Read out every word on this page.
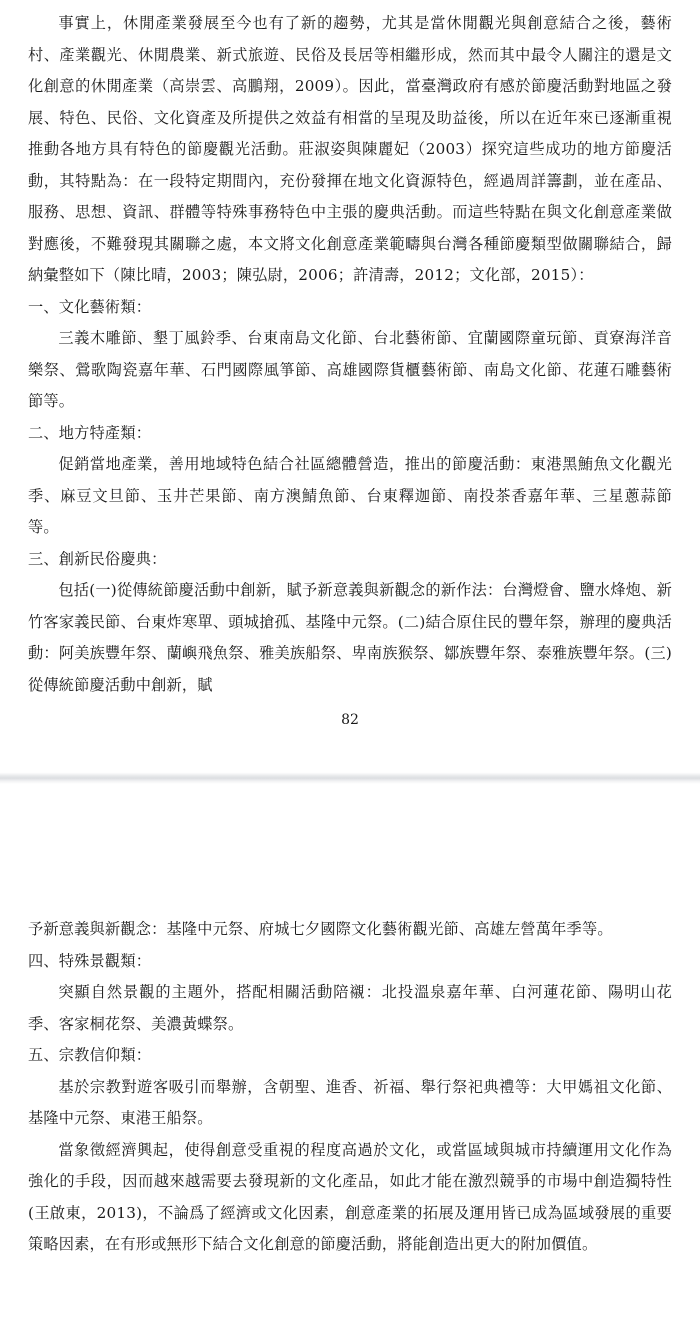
事實上，休閒產業發展至今也有了新的趨勢，尤其是當休閒觀光與創意結合之後，藝術村、產業觀光、休閒農業、新式旅遊、民俗及長居等相繼形成，然而其中最令人關注的還是文化創意的休閒產業（高崇雲、高鵬翔，2009）。因此，當臺灣政府有感於節慶活動對地區之發展、特色、民俗、文化資產及所提供之效益有相當的呈現及助益後，所以在近年來已逐漸重視推動各地方具有特色的節慶觀光活動。莊淑姿與陳麗妃（2003）探究這些成功的地方節慶活動，其特點為：在一段特定期間內，充份發揮在地文化資源特色，經過周詳籌劃，並在產品、服務、思想、資訊、群體等特殊事務特色中主張的慶典活動。而這些特點在與文化創意產業做對應後，不難發現其關聯之處，本文將文化創意產業範疇與台灣各種節慶類型做關聯結合，歸納彙整如下（陳比晴，2003；陳弘尉，2006；許清壽，2012；文化部，2015）：

一、文化藝術類：

三義木雕節、墾丁風鈴季、台東南島文化節、台北藝術節、宜蘭國際童玩節、貢寮海洋音樂祭、鶯歌陶瓷嘉年華、石門國際風箏節、高雄國際貨櫃藝術節、南島文化節、花蓮石雕藝術節等。

二、地方特產類：

促銷當地產業，善用地域特色結合社區總體營造，推出的節慶活動：東港黑鮪魚文化觀光季、麻豆文旦節、玉井芒果節、南方澳鯖魚節、台東釋迦節、南投茶香嘉年華、三星蔥蒜節等。

三、創新民俗慶典：

包括(一)從傳統節慶活動中創新，賦予新意義與新觀念的新作法：台灣燈會、鹽水烽炮、新竹客家義民節、台東炸寒單、頭城搶孤、基隆中元祭。(二)結合原住民的豐年祭，辦理的慶典活動：阿美族豐年祭、蘭嶼飛魚祭、雅美族船祭、卑南族猴祭、鄒族豐年祭、泰雅族豐年祭。(三)從傳統節慶活動中創新，賦

82

予新意義與新觀念：基隆中元祭、府城七夕國際文化藝術觀光節、高雄左營萬年季等。

四、特殊景觀類：

突顯自然景觀的主題外，搭配相關活動陪襯：北投溫泉嘉年華、白河蓮花節、陽明山花季、客家桐花祭、美濃黃蝶祭。

五、宗教信仰類：

基於宗教對遊客吸引而舉辦，含朝聖、進香、祈福、舉行祭祀典禮等：大甲媽祖文化節、基隆中元祭、東港王船祭。

當象徵經濟興起，使得創意受重視的程度高過於文化，或當區域與城市持續運用文化作為強化的手段，因而越來越需要去發現新的文化產品，如此才能在激烈競爭的市場中創造獨特性(王啟東，2013)，不論爲了經濟或文化因素，創意產業的拓展及運用皆已成為區域發展的重要策略因素，在有形或無形下結合文化創意的節慶活動，將能創造出更大的附加價值。
